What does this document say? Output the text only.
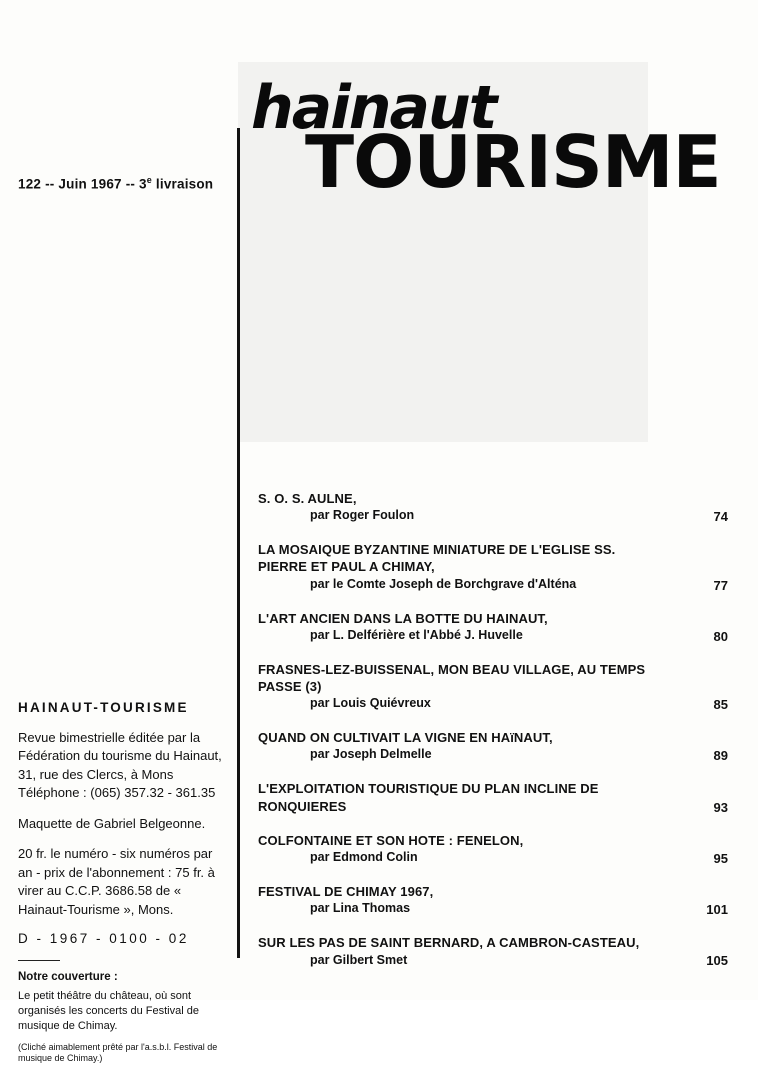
122 -- Juin 1967 -- 3e livraison
hainaut
TOURISME
HAINAUT-TOURISME

Revue bimestrielle éditée par la Fédération du tourisme du Hainaut, 31, rue des Clercs, à Mons Téléphone : (065) 357.32 - 361.35

Maquette de Gabriel Belgeonne.

20 fr. le numéro - six numéros par an - prix de l'abonnement : 75 fr. à virer au C.C.P. 3686.58 de « Hainaut-Tourisme », Mons.

D - 1967 - 0100 - 02

Notre couverture :

Le petit théâtre du château, où sont organisés les concerts du Festival de musique de Chimay.

(Cliché aimablement prêté par l'a.s.b.l. Festival de musique de Chimay.)

S. O. S. AULNE,
par Roger Foulon	74
LA MOSAIQUE BYZANTINE MINIATURE DE L'EGLISE SS. PIERRE ET PAUL A CHIMAY,
par le Comte Joseph de Borchgrave d'Alténa	77
L'ART ANCIEN DANS LA BOTTE DU HAINAUT,
par L. Delférière et l'Abbé J. Huvelle	80
FRASNES-LEZ-BUISSENAL, MON BEAU VILLAGE, AU TEMPS PASSE (3)
par Louis Quiévreux	85
QUAND ON CULTIVAIT LA VIGNE EN HAïNAUT,
par Joseph Delmelle	89
L'EXPLOITATION TOURISTIQUE DU PLAN INCLINE DE RONQUIERES	93
COLFONTAINE ET SON HOTE : FENELON,
par Edmond Colin	95
FESTIVAL DE CHIMAY 1967,
par Lina Thomas	101
SUR LES PAS DE SAINT BERNARD, A CAMBRON-CASTEAU,
par Gilbert Smet	105
